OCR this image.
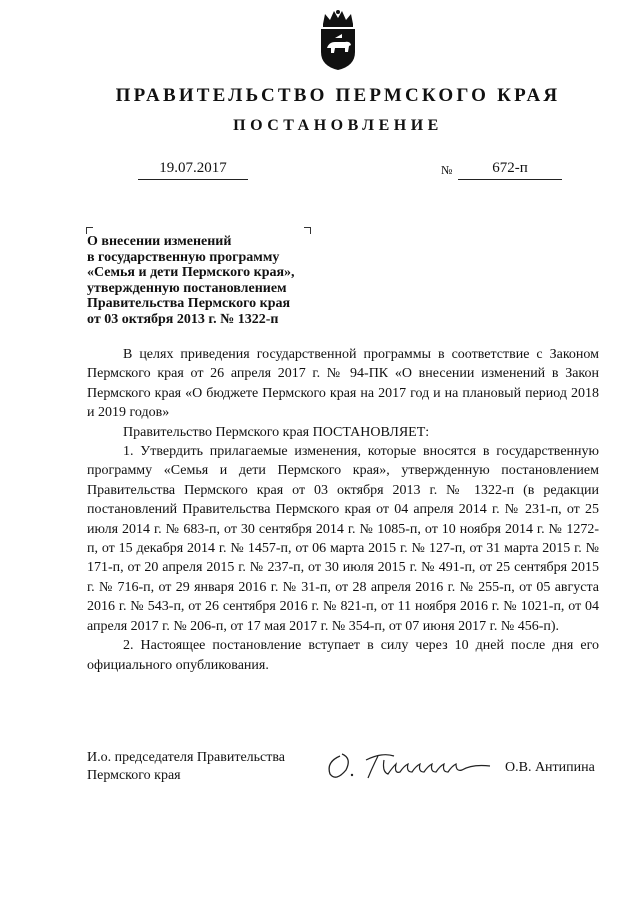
ПРАВИТЕЛЬСТВО ПЕРМСКОГО КРАЯ
ПОСТАНОВЛЕНИЕ
19.07.2017	№	672-п
О внесении изменений
в государственную программу
«Семья и дети Пермского края»,
утвержденную постановлением
Правительства Пермского края
от 03 октября 2013 г. № 1322-п

В целях приведения государственной программы в соответствие с Законом Пермского края от 26 апреля 2017 г. № 94-ПК «О внесении изменений в Закон Пермского края «О бюджете Пермского края на 2017 год и на плановый период 2018 и 2019 годов»

Правительство Пермского края ПОСТАНОВЛЯЕТ:

1. Утвердить прилагаемые изменения, которые вносятся в государственную программу «Семья и дети Пермского края», утвержденную постановлением Правительства Пермского края от 03 октября 2013 г. № 1322-п (в редакции постановлений Правительства Пермского края от 04 апреля 2014 г. № 231-п, от 25 июля 2014 г. № 683-п, от 30 сентября 2014 г. № 1085-п, от 10 ноября 2014 г. № 1272-п, от 15 декабря 2014 г. № 1457-п, от 06 марта 2015 г. № 127-п, от 31 марта 2015 г. № 171-п, от 20 апреля 2015 г. № 237-п, от 30 июля 2015 г. № 491-п, от 25 сентября 2015 г. № 716-п, от 29 января 2016 г. № 31-п, от 28 апреля 2016 г. № 255-п, от 05 августа 2016 г. № 543-п, от 26 сентября 2016 г. № 821-п, от 11 ноября 2016 г. № 1021-п, от 04 апреля 2017 г. № 206-п, от 17 мая 2017 г. № 354-п, от 07 июня 2017 г. № 456-п).

2. Настоящее постановление вступает в силу через 10 дней после дня его официального опубликования.

И.о. председателя Правительства
Пермского края
О.В. Антипина
